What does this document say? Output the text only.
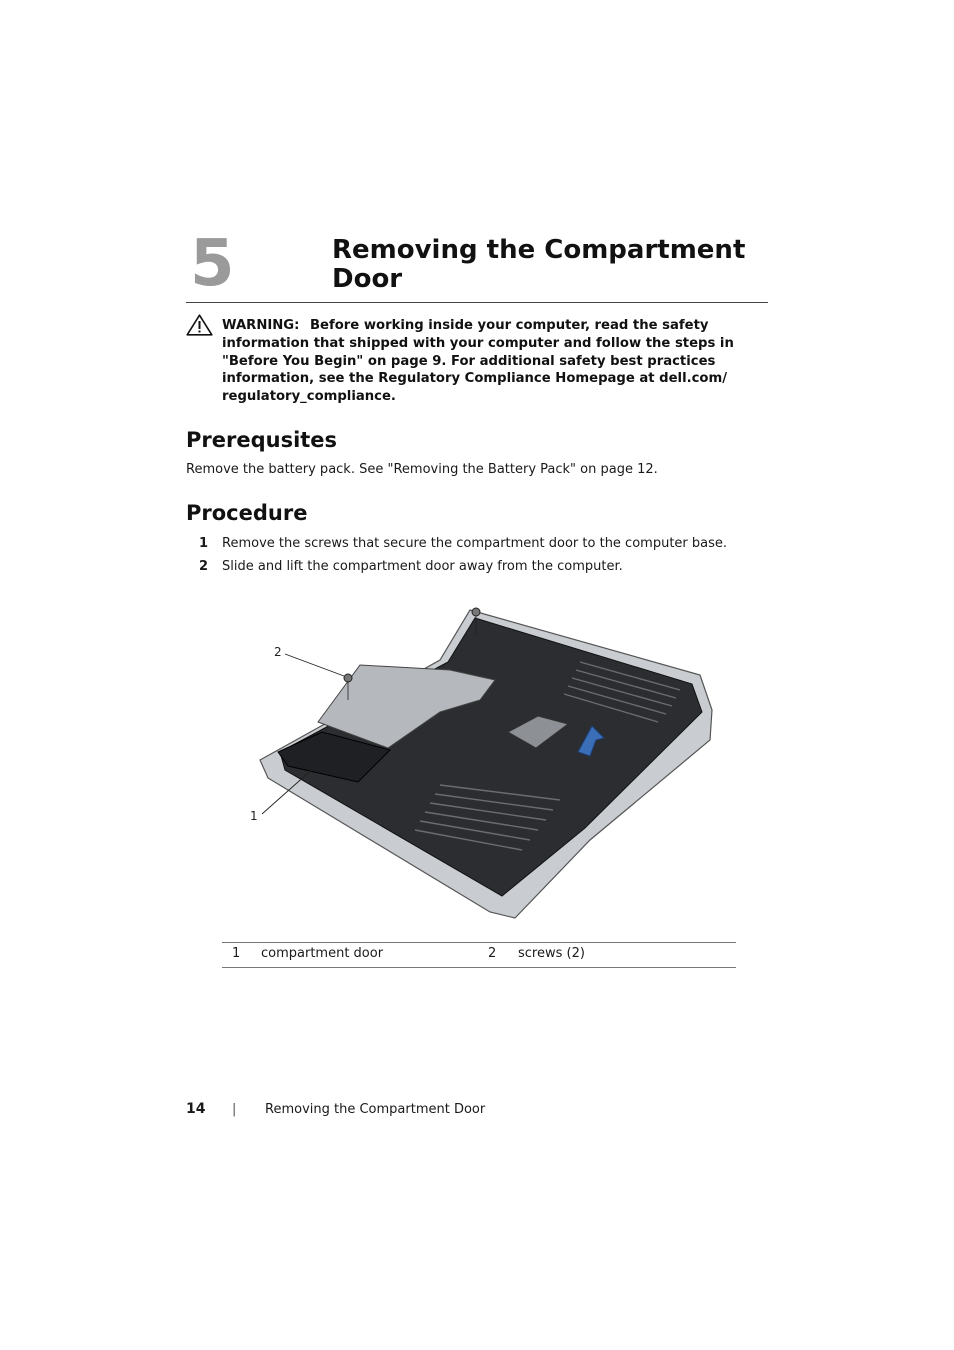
5	Removing the Compartment Door
WARNING: Before working inside your computer, read the safety information that shipped with your computer and follow the steps in "Before You Begin" on page 9. For additional safety best practices information, see the Regulatory Compliance Homepage at dell.com/ regulatory_compliance.
Prerequsites
Remove the battery pack. See "Removing the Battery Pack" on page 12.
Procedure
1 Remove the screws that secure the compartment door to the computer base.
2 Slide and lift the compartment door away from the computer.
2
1
1 compartment door	2 screws (2)
14 | Removing the Compartment Door
